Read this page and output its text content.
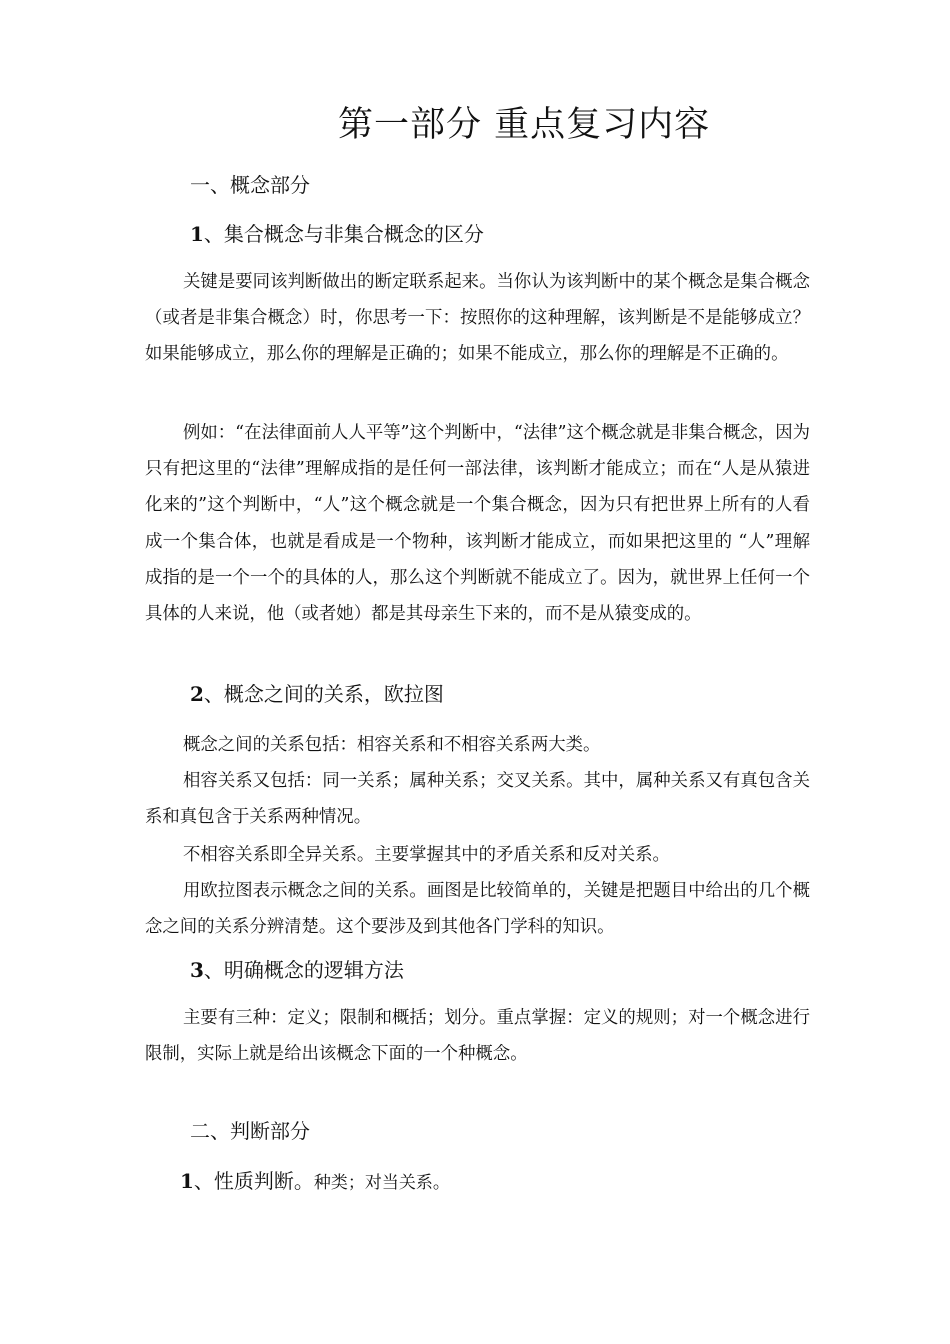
第一部分 重点复习内容
一、概念部分
1、集合概念与非集合概念的区分

关键是要同该判断做出的断定联系起来。当你认为该判断中的某个概念是集合概念（或者是非集合概念）时，你思考一下：按照你的这种理解，该判断是不是能够成立？如果能够成立，那么你的理解是正确的；如果不能成立，那么你的理解是不正确的。

例如：“在法律面前人人平等”这个判断中，“法律”这个概念就是非集合概念，因为只有把这里的“法律”理解成指的是任何一部法律，该判断才能成立；而在“人是从猿进化来的”这个判断中，“人”这个概念就是一个集合概念，因为只有把世界上所有的人看成一个集合体，也就是看成是一个物种，该判断才能成立，而如果把这里的 “人”理解成指的是一个一个的具体的人，那么这个判断就不能成立了。因为，就世界上任何一个具体的人来说，他（或者她）都是其母亲生下来的，而不是从猿变成的。

2、概念之间的关系，欧拉图

概念之间的关系包括：相容关系和不相容关系两大类。

相容关系又包括：同一关系；属种关系；交叉关系。其中，属种关系又有真包含关系和真包含于关系两种情况。

不相容关系即全异关系。主要掌握其中的矛盾关系和反对关系。

用欧拉图表示概念之间的关系。画图是比较简单的，关键是把题目中给出的几个概念之间的关系分辨清楚。这个要涉及到其他各门学科的知识。

3、明确概念的逻辑方法

主要有三种：定义；限制和概括；划分。重点掌握：定义的规则；对一个概念进行限制，实际上就是给出该概念下面的一个种概念。

二、判断部分
1、性质判断。种类；对当关系。
